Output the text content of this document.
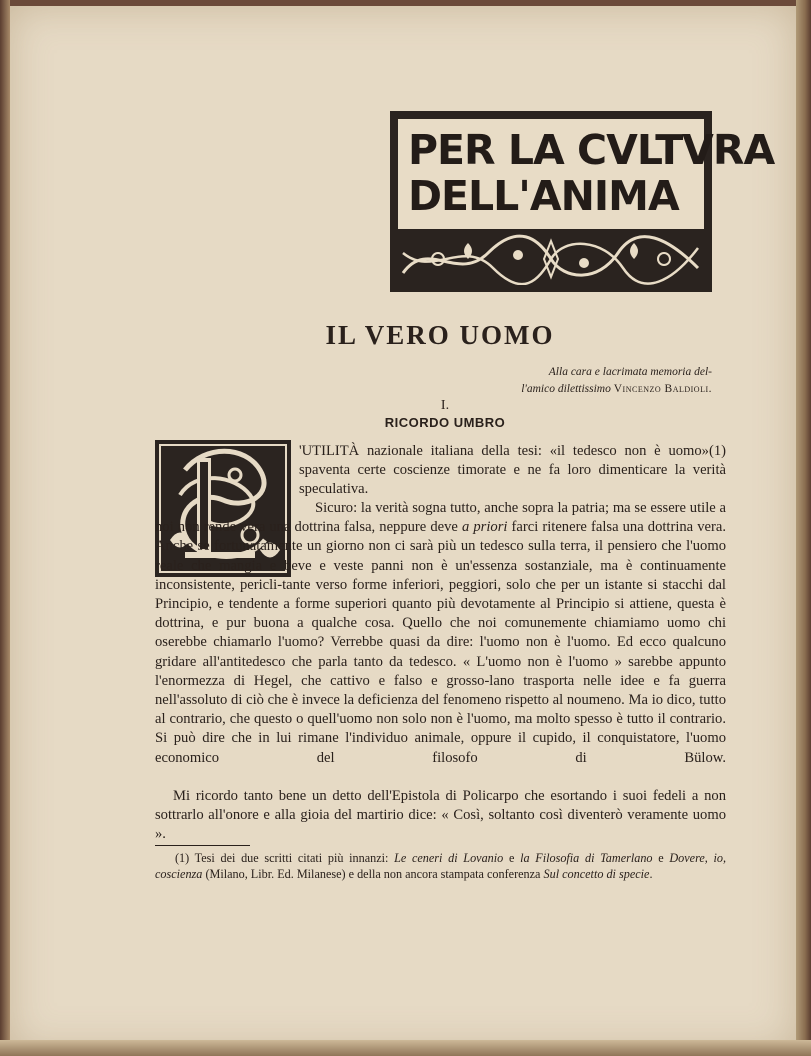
PER LA CVLTVRA
DELL'ANIMA
IL VERO UOMO
Alla cara e lacrimata memoria del-
l'amico dilettissimo Vincenzo Baldioli.
I.
RICORDO UMBRO

'UTILITÀ nazionale italiana della tesi: «il tedesco non è uomo»(1) spaventa certe coscienze timorate e ne fa loro dimenticare la verità speculativa.

Sicuro: la verità sogna tutto, anche sopra la patria; ma se essere utile a noi non rende vera una dottrina falsa, neppure deve a priori farci ritenere falsa una dottrina vera. Anche se fortunatamente un giorno non ci sarà più un tedesco sulla terra, il pensiero che l'uomo reale che mangia e beve e veste panni non è un'essenza sostanziale, ma è continuamente inconsistente, pericli-tante verso forme inferiori, peggiori, solo che per un istante si stacchi dal Principio, e tendente a forme superiori quanto più devotamente al Principio si attiene, questa è dottrina, e pur buona a qualche cosa. Quello che noi comunemente chiamiamo uomo chi oserebbe chiamarlo l'uomo? Verrebbe quasi da dire: l'uomo non è l'uomo. Ed ecco qualcuno gridare all'antitedesco che parla tanto da tedesco. « L'uomo non è l'uomo » sarebbe appunto l'enormezza di Hegel, che cattivo e falso e grosso-lano trasporta nelle idee e fa guerra nell'assoluto di ciò che è invece la deficienza del fenomeno rispetto al noumeno. Ma io dico, tutto al contrario, che questo o quell'uomo non solo non è l'uomo, ma molto spesso è tutto il contrario. Si può dire che in lui rimane l'individuo animale, oppure il cupido, il conquistatore, l'uomo economico del filosofo di Bülow.

Mi ricordo tanto bene un detto dell'Epistola di Policarpo che esortando i suoi fedeli a non sottrarlo all'onore e alla gioia del martirio dice: « Così, soltanto così diventerò veramente uomo ».

(1) Tesi dei due scritti citati più innanzi: Le ceneri di Lovanio e la Filosofia di Tamerlano e Dovere, io, coscienza (Milano, Libr. Ed. Milanese) e della non ancora stampata conferenza Sul concetto di specie.
